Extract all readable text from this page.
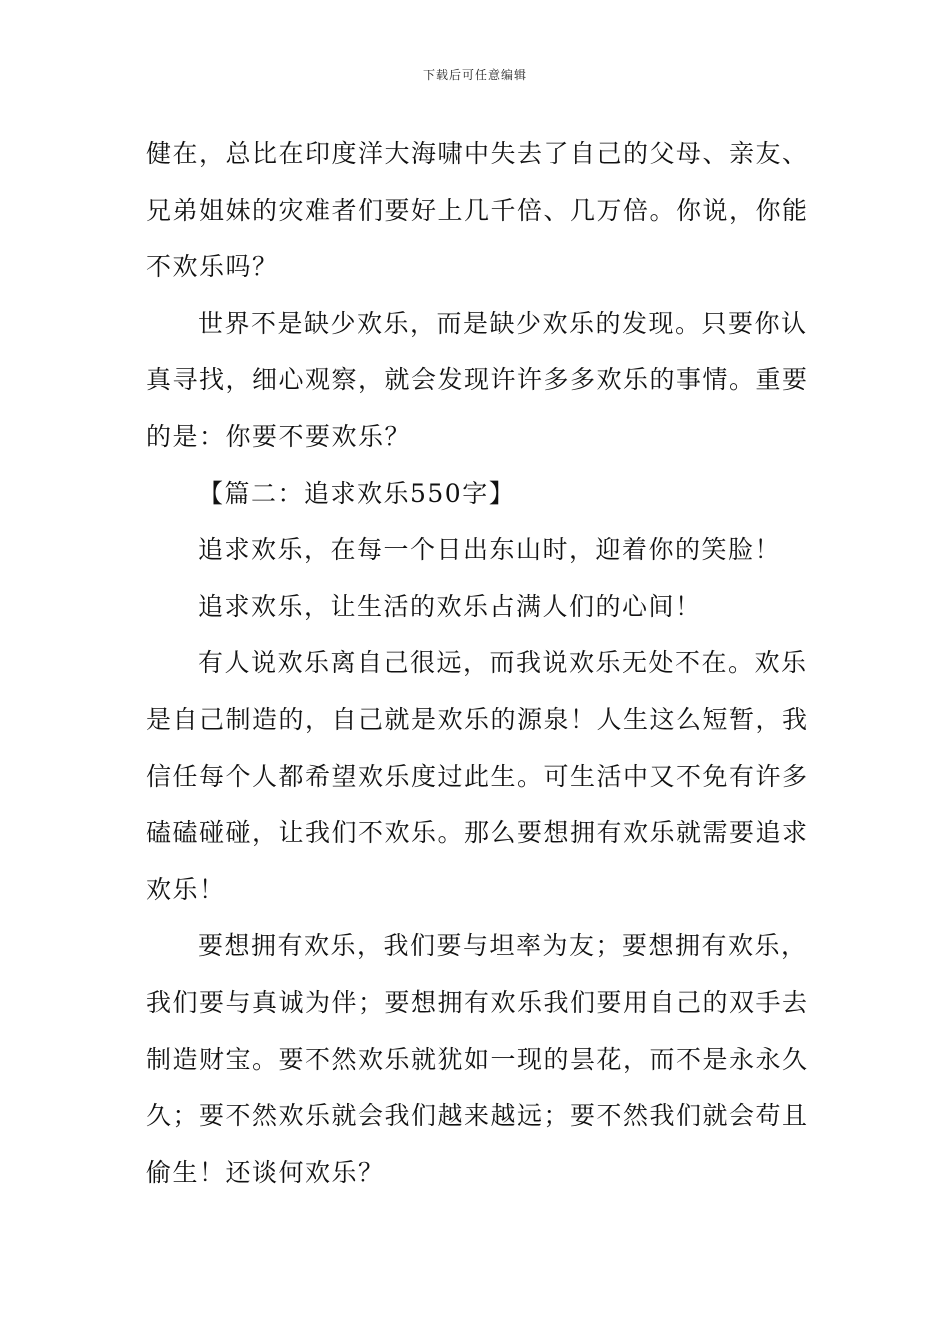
下载后可任意编辑
健在，总比在印度洋大海啸中失去了自己的父母、亲友、
兄弟姐妹的灾难者们要好上几千倍、几万倍。你说，你能
不欢乐吗？
世界不是缺少欢乐，而是缺少欢乐的发现。只要你认
真寻找，细心观察，就会发现许许多多欢乐的事情。重要
的是：你要不要欢乐？
【篇二：追求欢乐550字】
追求欢乐，在每一个日出东山时，迎着你的笑脸！
追求欢乐，让生活的欢乐占满人们的心间！
有人说欢乐离自己很远，而我说欢乐无处不在。欢乐
是自己制造的，自己就是欢乐的源泉！人生这么短暂，我
信任每个人都希望欢乐度过此生。可生活中又不免有许多
磕磕碰碰，让我们不欢乐。那么要想拥有欢乐就需要追求
欢乐！
要想拥有欢乐，我们要与坦率为友；要想拥有欢乐，
我们要与真诚为伴；要想拥有欢乐我们要用自己的双手去
制造财宝。要不然欢乐就犹如一现的昙花，而不是永永久
久；要不然欢乐就会我们越来越远；要不然我们就会苟且
偷生！还谈何欢乐？
